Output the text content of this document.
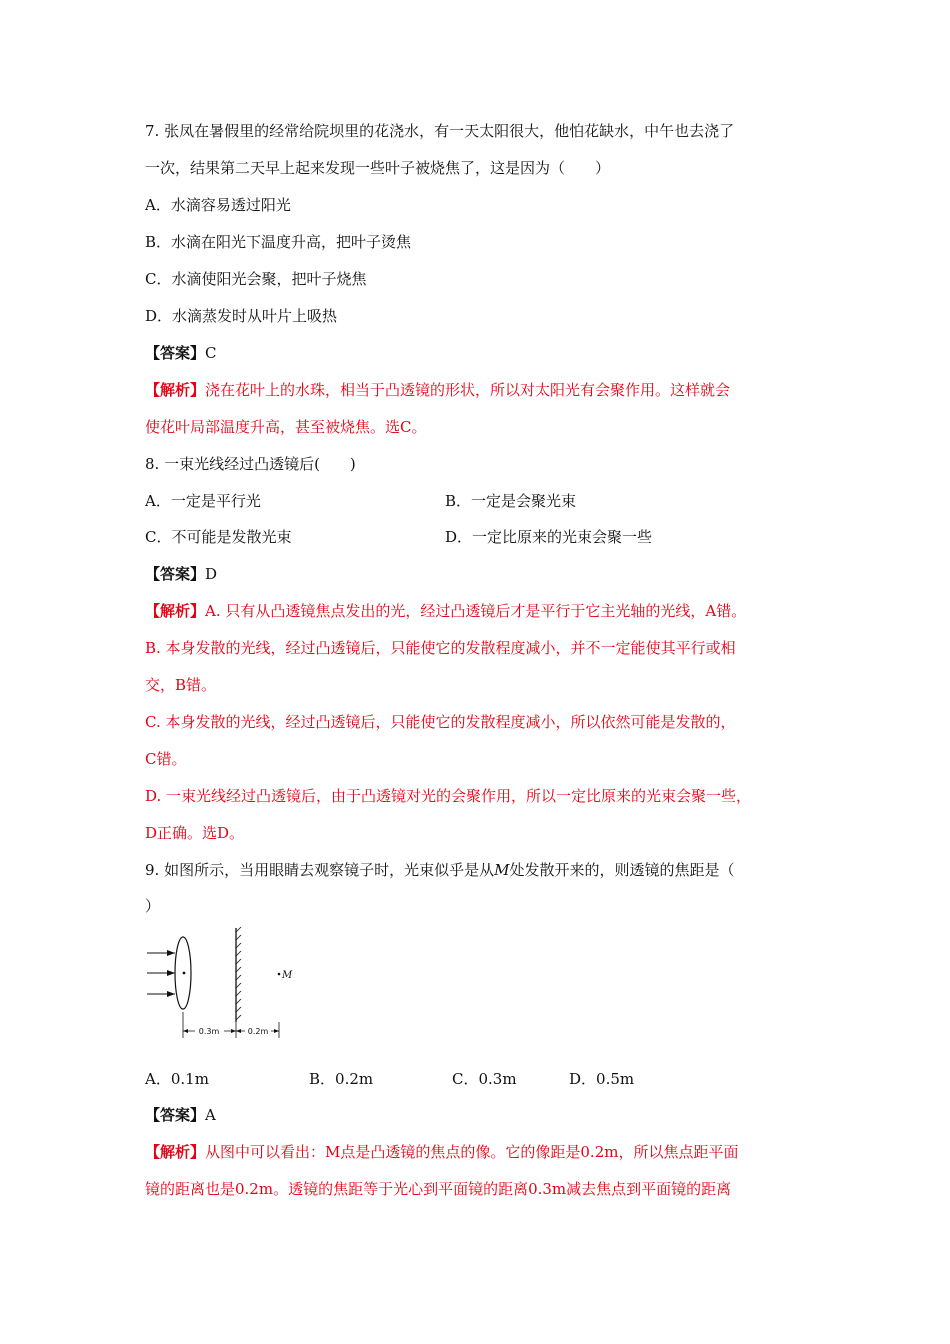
7. 张凤在暑假里的经常给院坝里的花浇水，有一天太阳很大，他怕花缺水，中午也去浇了
一次，结果第二天早上起来发现一些叶子被烧焦了，这是因为（　　）
A．水滴容易透过阳光
B．水滴在阳光下温度升高，把叶子烫焦
C．水滴使阳光会聚，把叶子烧焦
D．水滴蒸发时从叶片上吸热
【答案】C
【解析】浇在花叶上的水珠，相当于凸透镜的形状，所以对太阳光有会聚作用。这样就会
使花叶局部温度升高，甚至被烧焦。选C。
8. 一束光线经过凸透镜后(　　)
A．一定是平行光	B．一定是会聚光束
C．不可能是发散光束	D．一定比原来的光束会聚一些
【答案】D
【解析】A. 只有从凸透镜焦点发出的光，经过凸透镜后才是平行于它主光轴的光线，A错。
B. 本身发散的光线，经过凸透镜后，只能使它的发散程度减小，并不一定能使其平行或相
交，B错。
C. 本身发散的光线，经过凸透镜后，只能使它的发散程度减小，所以依然可能是发散的，
C错。
D. 一束光线经过凸透镜后，由于凸透镜对光的会聚作用，所以一定比原来的光束会聚一些，
D正确。选D。
9. 如图所示，当用眼睛去观察镜子时，光束似乎是从M处发散开来的，则透镜的焦距是（
）
M
0.3m	0.2m
A．0.1m	B．0.2m	C．0.3m	D．0.5m
【答案】A
【解析】从图中可以看出：M点是凸透镜的焦点的像。它的像距是0.2m，所以焦点距平面
镜的距离也是0.2m。透镜的焦距等于光心到平面镜的距离0.3m减去焦点到平面镜的距离
